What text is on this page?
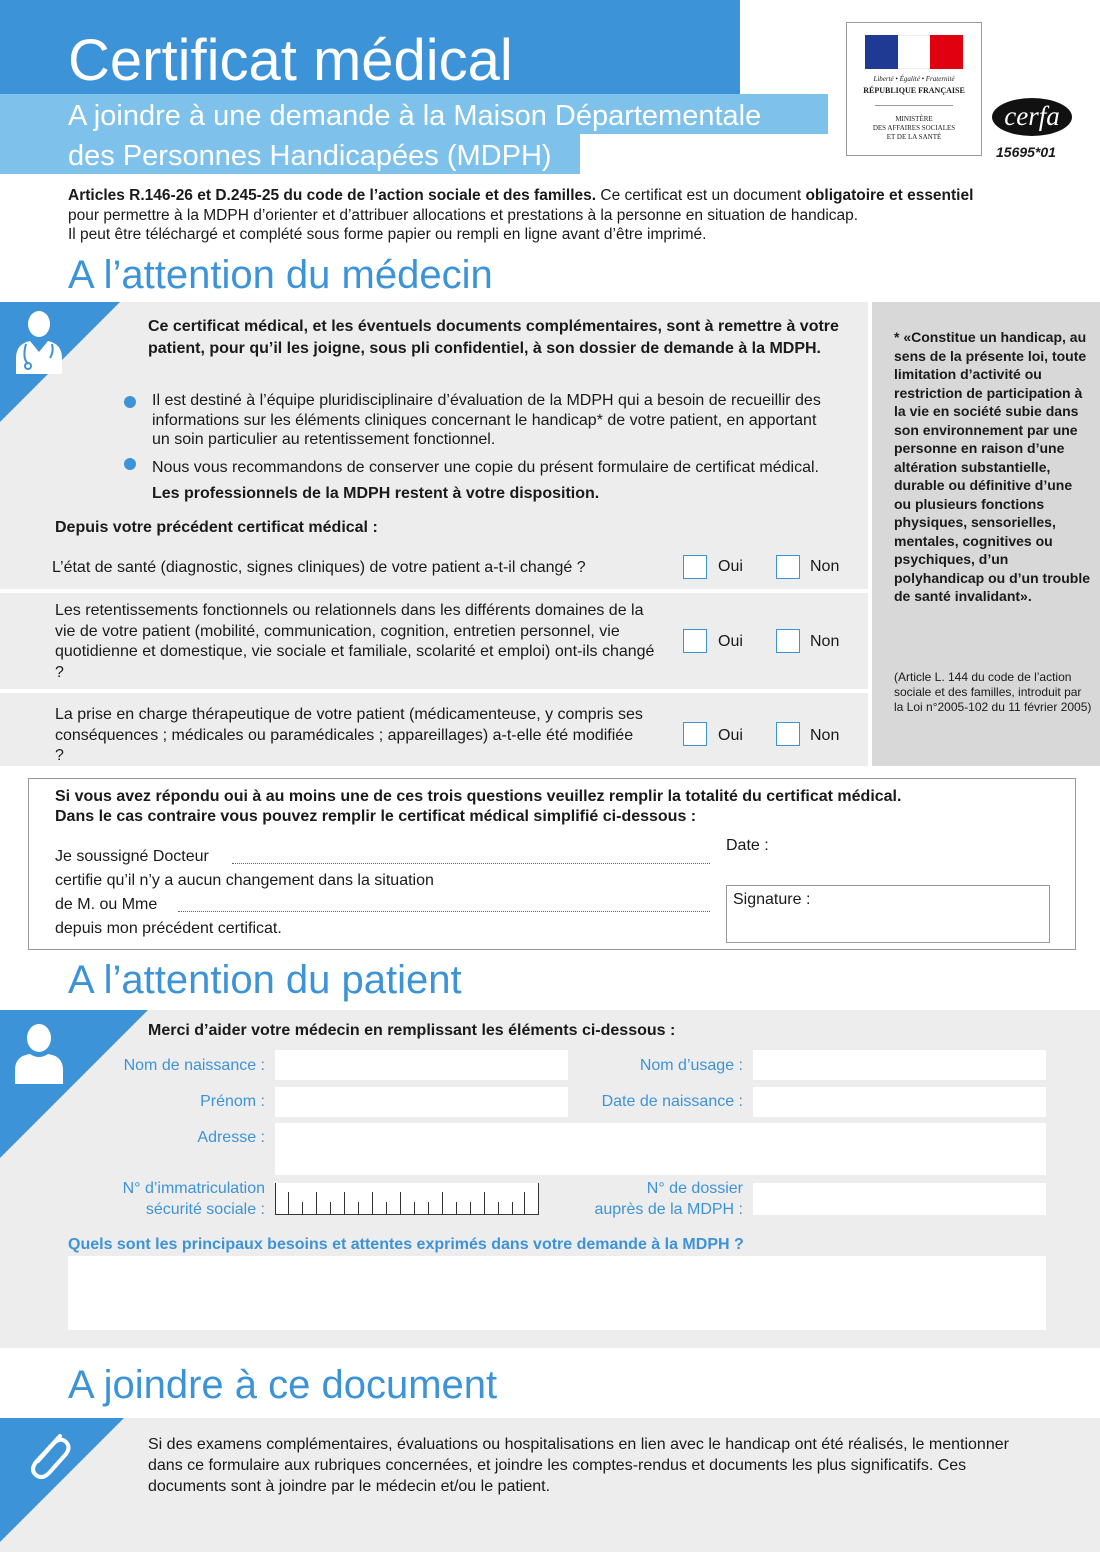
Certificat médical
A joindre à une demande à la Maison Départementale
des Personnes Handicapées (MDPH)
Liberté • Égalité • Fraternité
RÉPUBLIQUE FRANÇAISE
MINISTÈRE
DES AFFAIRES SOCIALES
ET DE LA SANTÉ
cerfa
15695*01
Articles R.146-26 et D.245-25 du code de l’action sociale et des familles. Ce certificat est un document obligatoire et essentiel
pour permettre à la MDPH d’orienter et d’attribuer allocations et prestations à la personne en situation de handicap.
Il peut être téléchargé et complété sous forme papier ou rempli en ligne avant d’être imprimé.
A l’attention du médecin
Ce certificat médical, et les éventuels documents complémentaires, sont à remettre à votre patient, pour qu’il les joigne, sous pli confidentiel, à son dossier de demande à la MDPH.
Il est destiné à l’équipe pluridisciplinaire d’évaluation de la MDPH qui a besoin de recueillir des informations sur les éléments cliniques concernant le handicap* de votre patient, en apportant un soin particulier au retentissement fonctionnel.
Nous vous recommandons de conserver une copie du présent formulaire de certificat médical. Les professionnels de la MDPH restent à votre disposition.
Depuis votre précédent certificat médical :
L’état de santé (diagnostic, signes cliniques) de votre patient a-t-il changé ?	Oui	Non
Les retentissements fonctionnels ou relationnels dans les différents domaines de la vie de votre patient (mobilité, communication, cognition, entretien personnel, vie quotidienne et domestique, vie sociale et familiale, scolarité et emploi) ont-ils changé ?
Oui	Non
La prise en charge thérapeutique de votre patient (médicamenteuse, y compris ses conséquences ; médicales ou paramédicales ; appareillages) a-t-elle été modifiée ?
Oui	Non
* «Constitue un handicap, au sens de la présente loi, toute limitation d’activité ou restriction de participation à la vie en société subie dans son environnement par une personne en raison d’une altération substantielle, durable ou définitive d’une ou plusieurs fonctions physiques, sensorielles, mentales, cognitives ou psychiques, d’un polyhandicap ou d’un trouble de santé invalidant».
(Article L. 144 du code de l’action sociale et des familles, introduit par la Loi n°2005-102 du 11 février 2005)
Si vous avez répondu oui à au moins une de ces trois questions veuillez remplir la totalité du certificat médical.
Dans le cas contraire vous pouvez remplir le certificat médical simplifié ci-dessous :
Je soussigné Docteur
certifie qu’il n’y a aucun changement dans la situation
de M. ou Mme
depuis mon précédent certificat.
Date :
Signature :
A l’attention du patient
Merci d’aider votre médecin en remplissant les éléments ci-dessous :
Nom de naissance :	Nom d’usage :
Prénom :	Date de naissance :
Adresse :
N° d’immatriculation
sécurité sociale :
N° de dossier
auprès de la MDPH :
Quels sont les principaux besoins et attentes exprimés dans votre demande à la MDPH ?
A joindre à ce document
Si des examens complémentaires, évaluations ou hospitalisations en lien avec le handicap ont été réalisés, le mentionner dans ce formulaire aux rubriques concernées, et joindre les comptes-rendus et documents les plus significatifs. Ces documents sont à joindre par le médecin et/ou le patient.
